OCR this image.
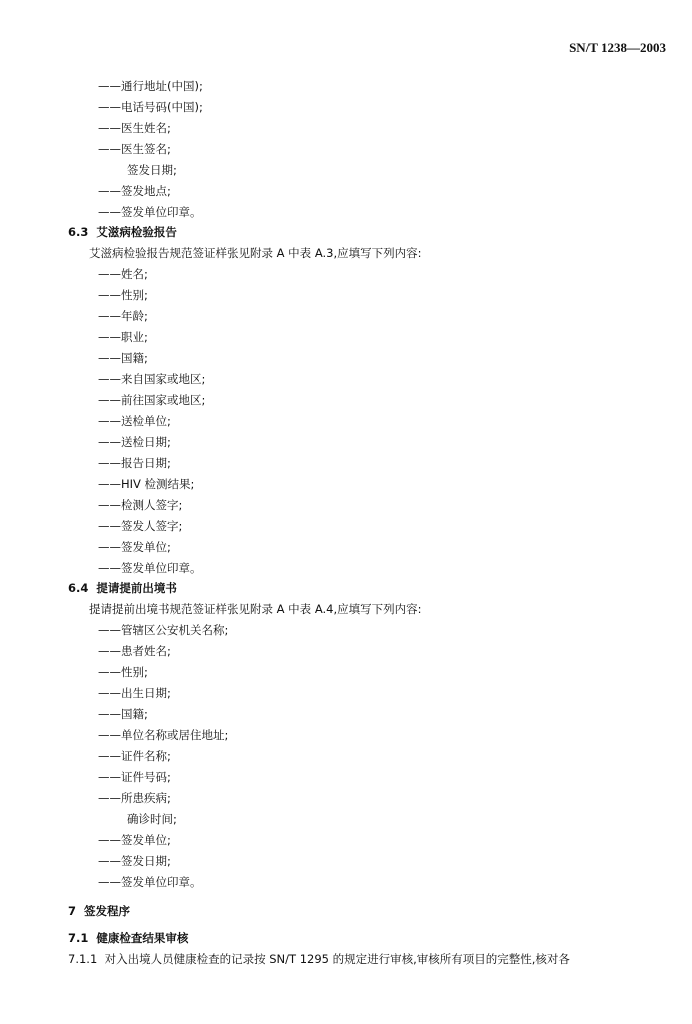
SN/T 1238—2003
——通行地址(中国);
——电话号码(中国);
——医生姓名;
——医生签名;
签发日期;
——签发地点;
——签发单位印章。
6.3 艾滋病检验报告
艾滋病检验报告规范签证样张见附录 A 中表 A.3,应填写下列内容:
——姓名;
——性别;
——年龄;
——职业;
——国籍;
——来自国家或地区;
——前往国家或地区;
——送检单位;
——送检日期;
——报告日期;
——HIV 检测结果;
——检测人签字;
——签发人签字;
——签发单位;
——签发单位印章。
6.4 提请提前出境书
提请提前出境书规范签证样张见附录 A 中表 A.4,应填写下列内容:
——管辖区公安机关名称;
——患者姓名;
——性别;
——出生日期;
——国籍;
——单位名称或居住地址;
——证件名称;
——证件号码;
——所患疾病;
确诊时间;
——签发单位;
——签发日期;
——签发单位印章。
7 签发程序
7.1 健康检查结果审核
7.1.1 对入出境人员健康检查的记录按 SN/T 1295 的规定进行审核,审核所有项目的完整性,核对各
